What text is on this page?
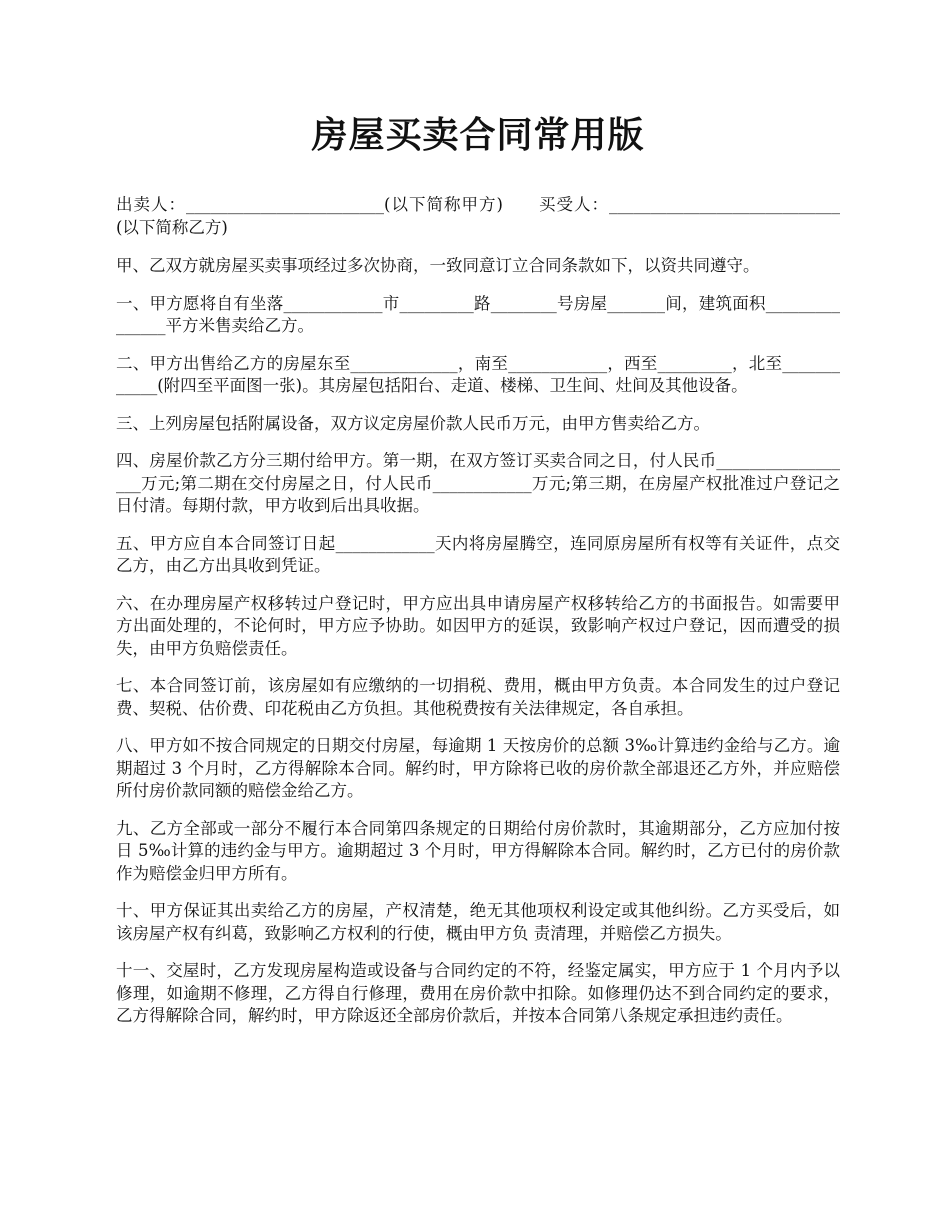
房屋买卖合同常用版

出卖人：________________________(以下简称甲方)　　买受人：____________________________(以下简称乙方)

甲、乙双方就房屋买卖事项经过多次协商，一致同意订立合同条款如下，以资共同遵守。

一、甲方愿将自有坐落____________市_________路________号房屋_______间，建筑面积_______________平方米售卖给乙方。

二、甲方出售给乙方的房屋东至_____________，南至____________，西至_________，北至____________(附四至平面图一张)。其房屋包括阳台、走道、楼梯、卫生间、灶间及其他设备。

三、上列房屋包括附属设备，双方议定房屋价款人民币万元，由甲方售卖给乙方。

四、房屋价款乙方分三期付给甲方。第一期，在双方签订买卖合同之日，付人民币__________________万元;第二期在交付房屋之日，付人民币____________万元;第三期，在房屋产权批准过户登记之日付清。每期付款，甲方收到后出具收据。

五、甲方应自本合同签订日起____________天内将房屋腾空，连同原房屋所有权等有关证件，点交乙方，由乙方出具收到凭证。

六、在办理房屋产权移转过户登记时，甲方应出具申请房屋产权移转给乙方的书面报告。如需要甲方出面处理的，不论何时，甲方应予协助。如因甲方的延误，致影响产权过户登记，因而遭受的损失，由甲方负赔偿责任。

七、本合同签订前，该房屋如有应缴纳的一切捐税、费用，概由甲方负责。本合同发生的过户登记费、契税、估价费、印花税由乙方负担。其他税费按有关法律规定，各自承担。

八、甲方如不按合同规定的日期交付房屋，每逾期 1 天按房价的总额 3‰计算违约金给与乙方。逾期超过 3 个月时，乙方得解除本合同。解约时，甲方除将已收的房价款全部退还乙方外，并应赔偿所付房价款同额的赔偿金给乙方。

九、乙方全部或一部分不履行本合同第四条规定的日期给付房价款时，其逾期部分，乙方应加付按日 5‰计算的违约金与甲方。逾期超过 3 个月时，甲方得解除本合同。解约时，乙方已付的房价款作为赔偿金归甲方所有。

十、甲方保证其出卖给乙方的房屋，产权清楚，绝无其他项权利设定或其他纠纷。乙方买受后，如该房屋产权有纠葛，致影响乙方权利的行使，概由甲方负 责清理，并赔偿乙方损失。

十一、交屋时，乙方发现房屋构造或设备与合同约定的不符，经鉴定属实，甲方应于 1 个月内予以修理，如逾期不修理，乙方得自行修理，费用在房价款中扣除。如修理仍达不到合同约定的要求，乙方得解除合同，解约时，甲方除返还全部房价款后，并按本合同第八条规定承担违约责任。
